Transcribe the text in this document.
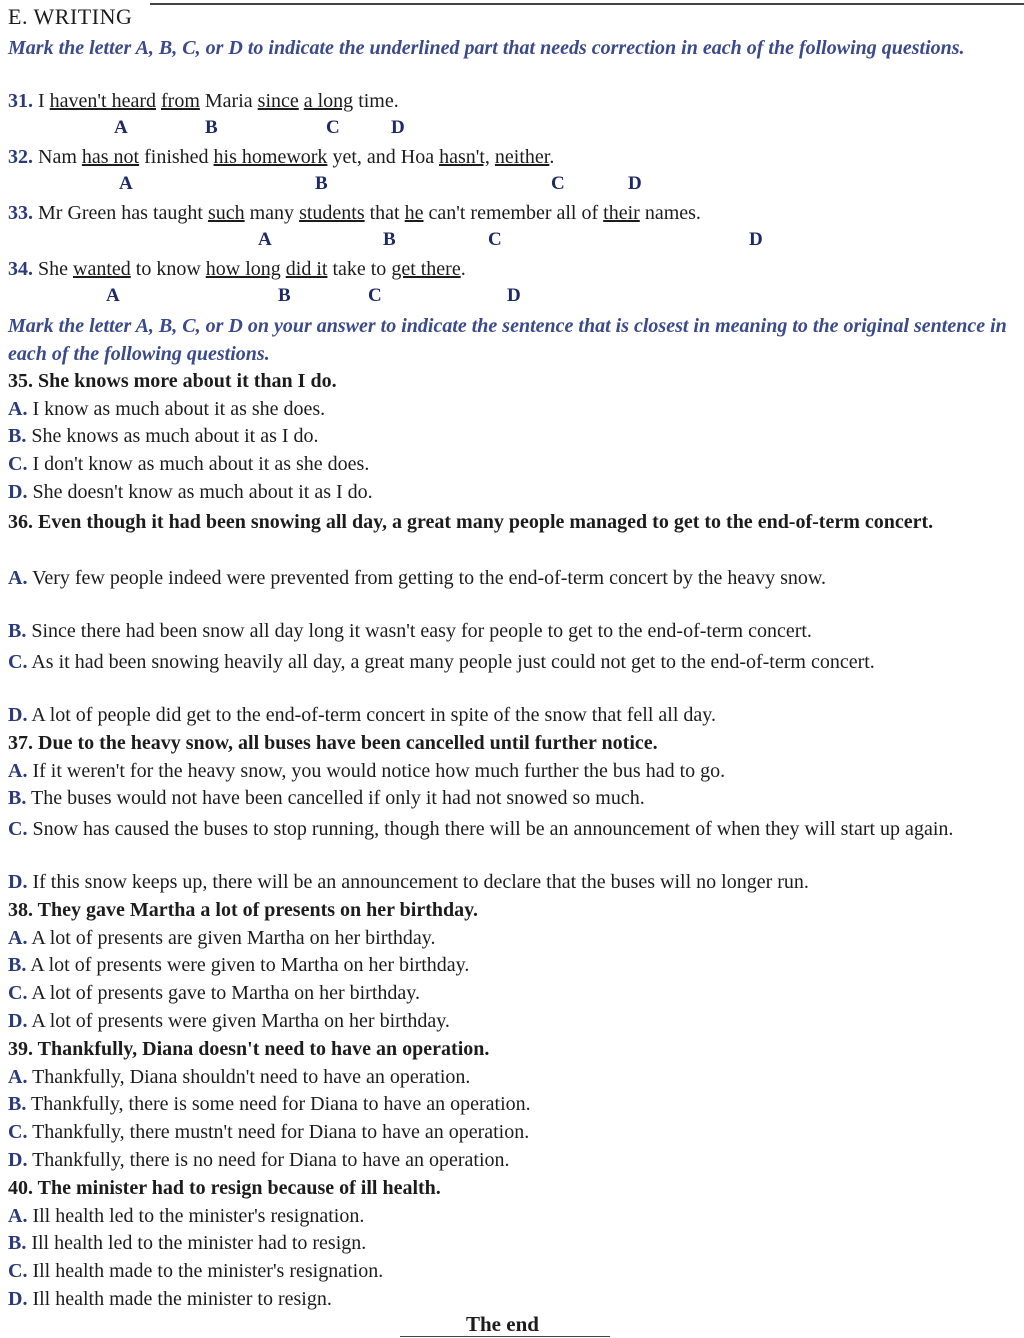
E. WRITING
Mark the letter A, B, C, or D to indicate the underlined part that needs correction in each of the following questions.
31. I haven't heard from Maria since a long time.
A	B	C	D
32. Nam has not finished his homework yet, and Hoa hasn't, neither.
A	B	C	D
33. Mr Green has taught such many students that he can't remember all of their names.
A	B	C	D
34. She wanted to know how long did it take to get there.
A	B	C	D
Mark the letter A, B, C, or D on your answer to indicate the sentence that is closest in meaning to the original sentence in each of the following questions.
35. She knows more about it than I do.
A. I know as much about it as she does.
B. She knows as much about it as I do.
C. I don't know as much about it as she does.
D. She doesn't know as much about it as I do.
36. Even though it had been snowing all day, a great many people managed to get to the end-of-term concert.
A. Very few people indeed were prevented from getting to the end-of-term concert by the heavy snow.
B. Since there had been snow all day long it wasn't easy for people to get to the end-of-term concert.
C. As it had been snowing heavily all day, a great many people just could not get to the end-of-term concert.
D. A lot of people did get to the end-of-term concert in spite of the snow that fell all day.
37. Due to the heavy snow, all buses have been cancelled until further notice.
A. If it weren't for the heavy snow, you would notice how much further the bus had to go.
B. The buses would not have been cancelled if only it had not snowed so much.
C. Snow has caused the buses to stop running, though there will be an announcement of when they will start up again.
D. If this snow keeps up, there will be an announcement to declare that the buses will no longer run.
38. They gave Martha a lot of presents on her birthday.
A. A lot of presents are given Martha on her birthday.
B. A lot of presents were given to Martha on her birthday.
C. A lot of presents gave to Martha on her birthday.
D. A lot of presents were given Martha on her birthday.
39. Thankfully, Diana doesn't need to have an operation.
A. Thankfully, Diana shouldn't need to have an operation.
B. Thankfully, there is some need for Diana to have an operation.
C. Thankfully, there mustn't need for Diana to have an operation.
D. Thankfully, there is no need for Diana to have an operation.
40. The minister had to resign because of ill health.
A. Ill health led to the minister's resignation.
B. Ill health led to the minister had to resign.
C. Ill health made to the minister's resignation.
D. Ill health made the minister to resign.
The end
